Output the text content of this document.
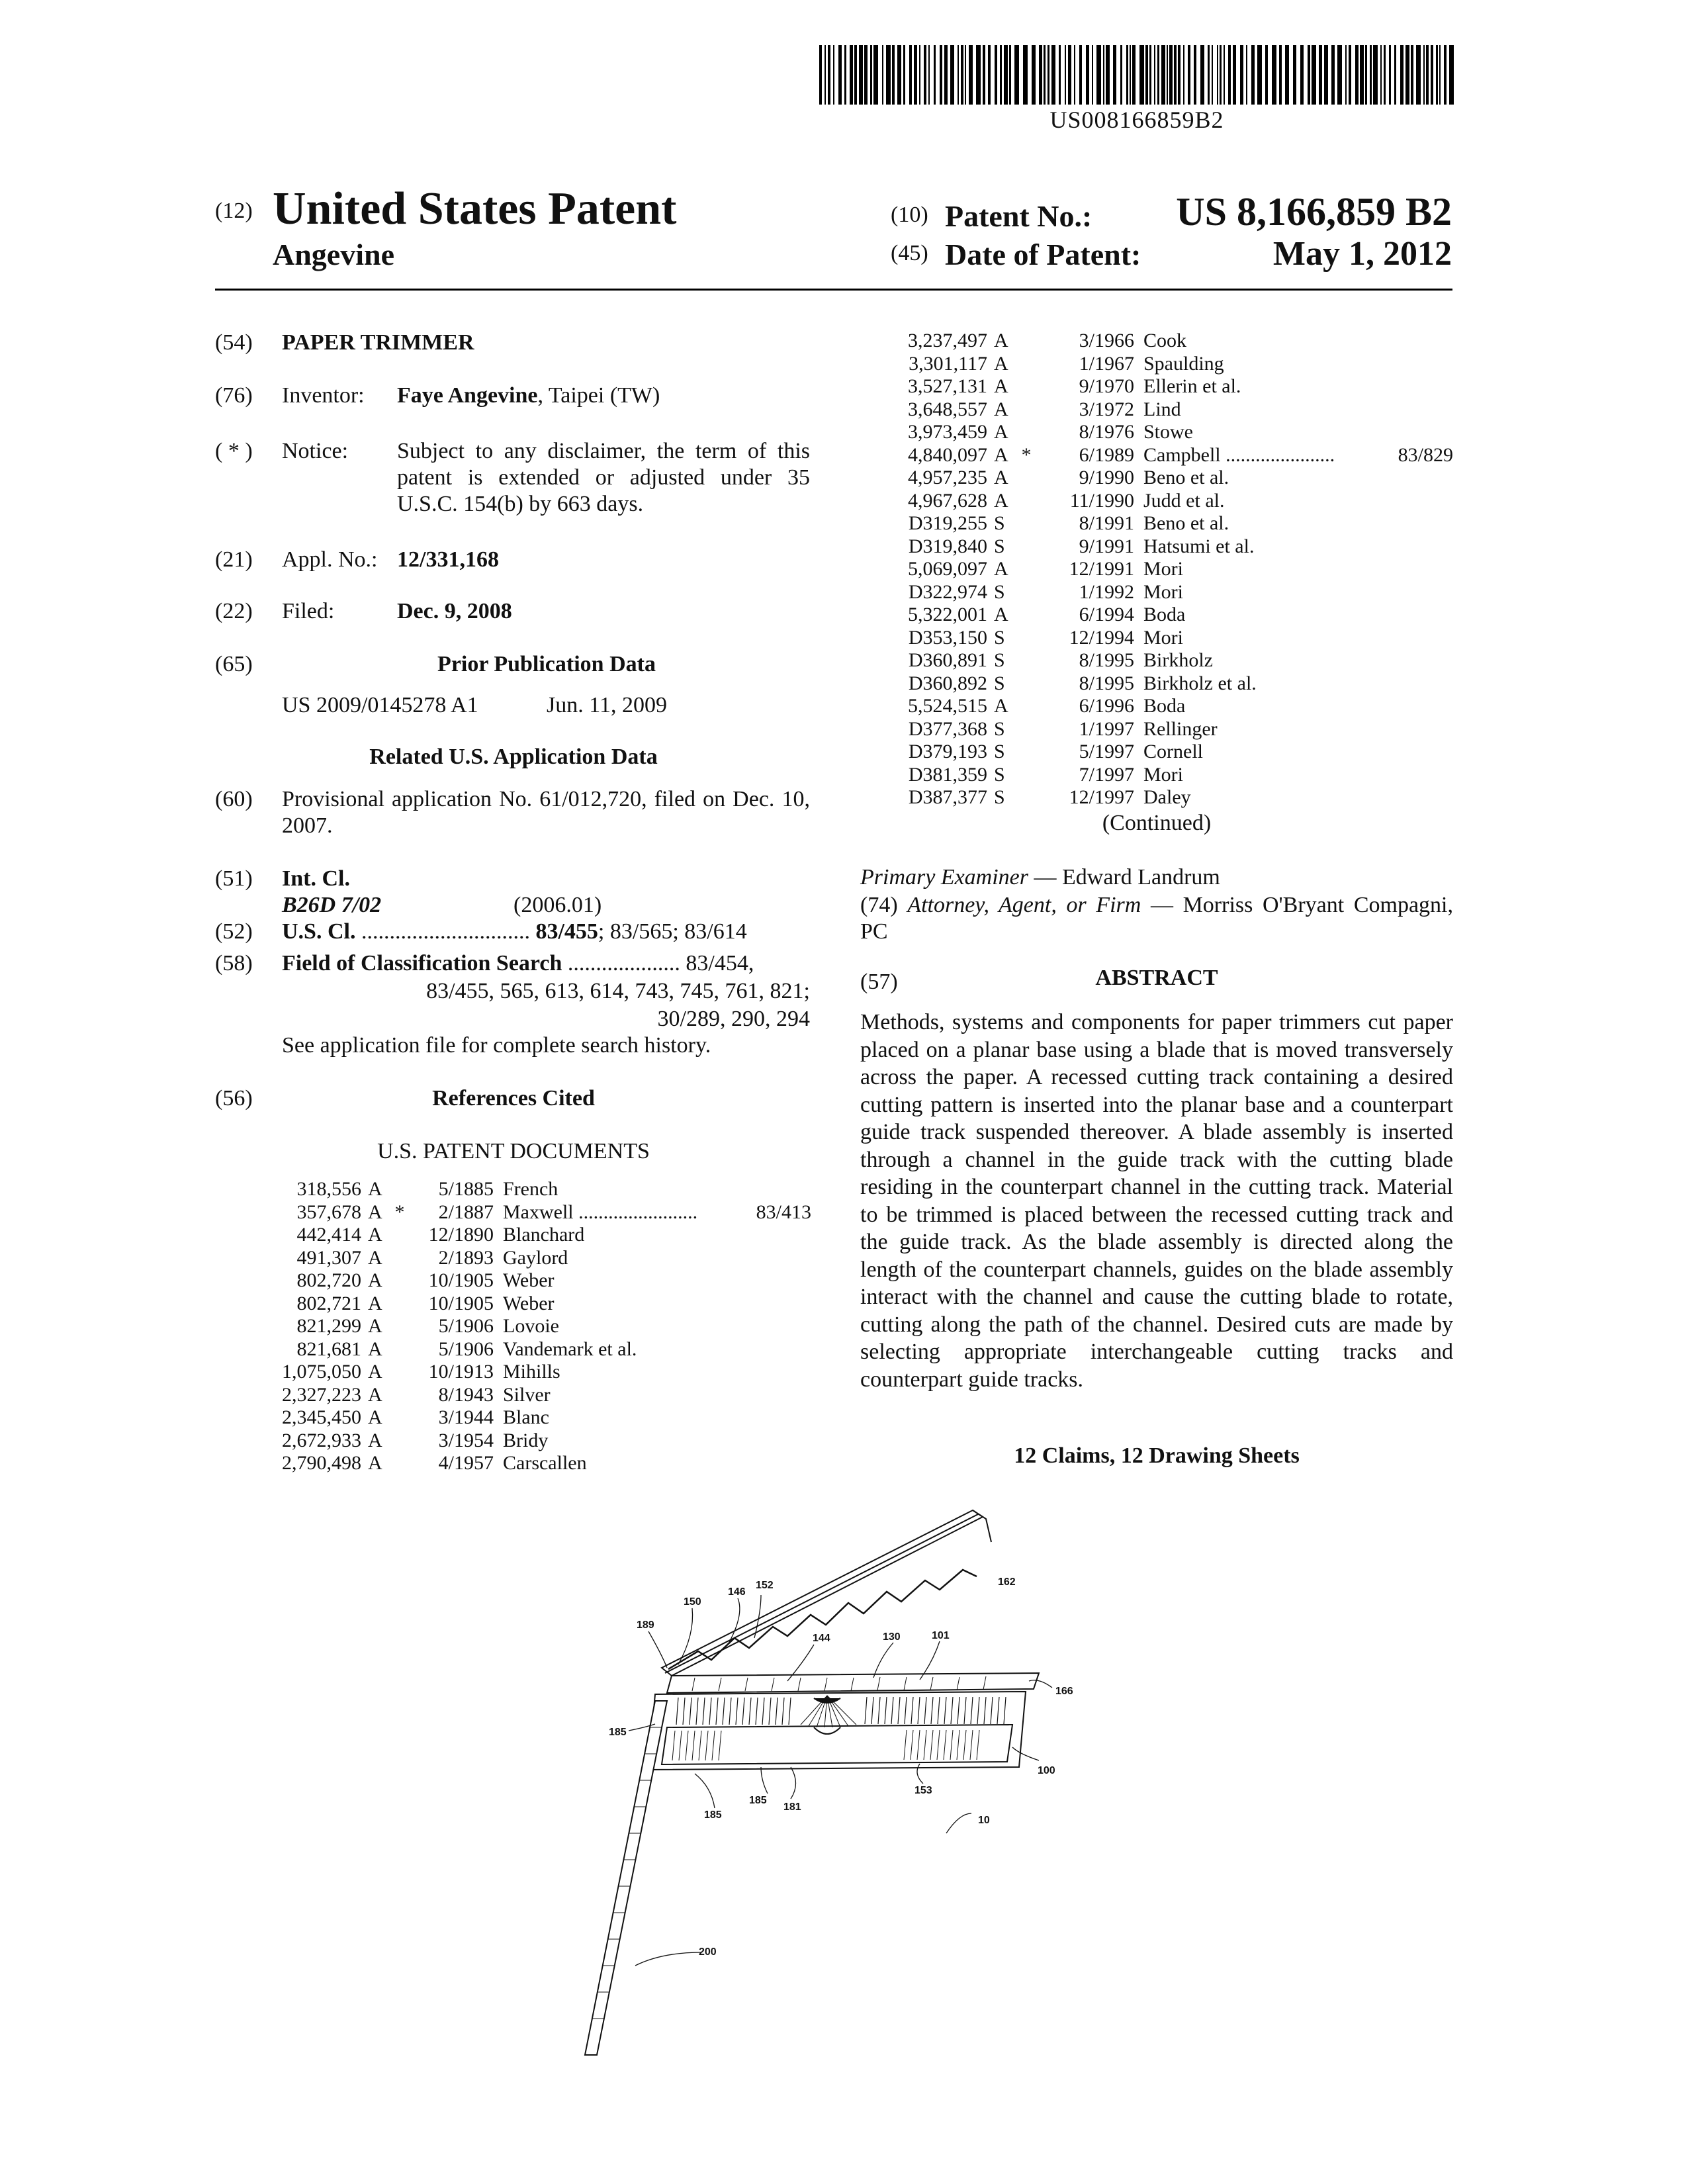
US008166859B2
(12) United States Patent
Angevine
(10) Patent No.: US 8,166,859 B2
(45) Date of Patent:	May 1, 2012
(54) PAPER TRIMMER
(76) Inventor: Faye Angevine, Taipei (TW)
( * ) Notice: Subject to any disclaimer, the term of this patent is extended or adjusted under 35 U.S.C. 154(b) by 663 days.
(21) Appl. No.: 12/331,168
(22) Filed:	Dec. 9, 2008
(65)	Prior Publication Data
US 2009/0145278 A1	Jun. 11, 2009
Related U.S. Application Data
(60) Provisional application No. 61/012,720, filed on Dec. 10, 2007.
(51) Int. Cl.
B26D 7/02	(2006.01)
(52) U.S. Cl. .............................. 83/455; 83/565; 83/614
(58) Field of Classification Search .................... 83/454,
83/455, 565, 613, 614, 743, 745, 761, 821;
30/289, 290, 294
See application file for complete search history.
(56)	References Cited
U.S. PATENT DOCUMENTS
318,556	A		5/1885	French	
357,678	A	*	2/1887	Maxwell ........................	83/413
442,414	A		12/1890	Blanchard	
491,307	A		2/1893	Gaylord	
802,720	A		10/1905	Weber	
802,721	A		10/1905	Weber	
821,299	A		5/1906	Lovoie	
821,681	A		5/1906	Vandemark et al.	
1,075,050	A		10/1913	Mihills	
2,327,223	A		8/1943	Silver	
2,345,450	A		3/1944	Blanc	
2,672,933	A		3/1954	Bridy	
2,790,498	A		4/1957	Carscallen	
3,237,497	A		3/1966	Cook	
3,301,117	A		1/1967	Spaulding	
3,527,131	A		9/1970	Ellerin et al.	
3,648,557	A		3/1972	Lind	
3,973,459	A		8/1976	Stowe	
4,840,097	A	*	6/1989	Campbell ......................	83/829
4,957,235	A		9/1990	Beno et al.	
4,967,628	A		11/1990	Judd et al.	
D319,255	S		8/1991	Beno et al.	
D319,840	S		9/1991	Hatsumi et al.	
5,069,097	A		12/1991	Mori	
D322,974	S		1/1992	Mori	
5,322,001	A		6/1994	Boda	
D353,150	S		12/1994	Mori	
D360,891	S		8/1995	Birkholz	
D360,892	S		8/1995	Birkholz et al.	
5,524,515	A		6/1996	Boda	
D377,368	S		1/1997	Rellinger	
D379,193	S		5/1997	Cornell	
D381,359	S		7/1997	Mori	
D387,377	S		12/1997	Daley	
(Continued)
Primary Examiner — Edward Landrum
(74) Attorney, Agent, or Firm — Morriss O'Bryant Compagni, PC
(57)	ABSTRACT
Methods, systems and components for paper trimmers cut paper placed on a planar base using a blade that is moved transversely across the paper. A recessed cutting track containing a desired cutting pattern is inserted into the planar base and a counterpart guide track suspended thereover. A blade assembly is inserted through a channel in the guide track with the cutting blade residing in the counterpart channel in the cutting track. Material to be trimmed is placed between the recessed cutting track and the guide track. As the blade assembly is directed along the length of the counterpart channels, guides on the blade assembly interact with the channel and cause the cutting blade to rotate, cutting along the path of the channel. Desired cuts are made by selecting appropriate interchangeable cutting tracks and counterpart guide tracks.
12 Claims, 12 Drawing Sheets
162
146
152
150
189
144	130	101
166
185
100
153
185
181
185	10
200
